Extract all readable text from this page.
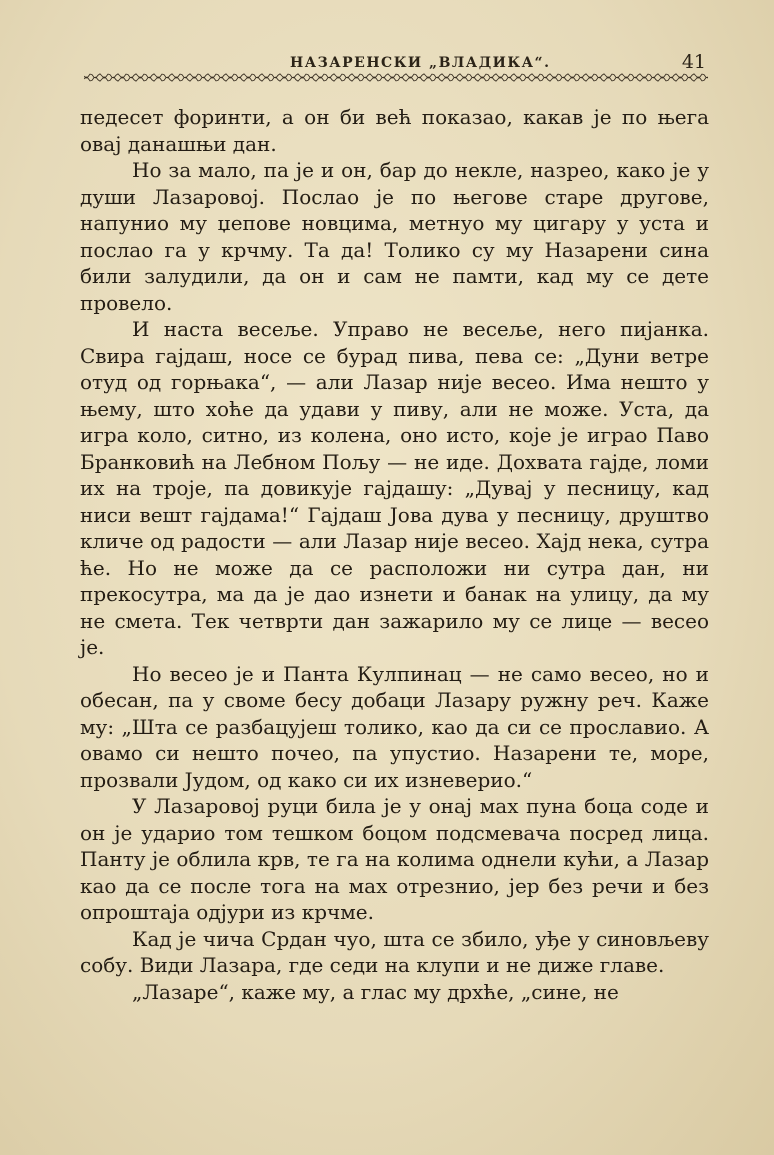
НАЗАРЕНСКИ „ВЛАДИКА“.	41

педесет форинти, а он би већ показао, какав је по њега овај данашњи дан.

Но за мало, па је и он, бар до некле, назрео, како је у души Лазаровој. Послао је по његове старе другове, напунио му џепове новцима, метнуо му цигару у уста и послао га у крчму. Та да! Толико су му Назарени сина били залудили, да он и сам не памти, кад му се дете провело.

И наста весеље. Управо не весеље, него пијанка. Свира гајдаш, носе се бурад пива, пева се: „Дуни ветре отуд од горњака“, — али Лазар није весео. Има нешто у њему, што хоће да удави у пиву, али не може. Уста, да игра коло, ситно, из колена, оно исто, које је играо Паво Бранковић на Лебном Пољу — не иде. Дохвата гајде, ломи их на троје, па довикује гајдашу: „Дувај у песницу, кад ниси вешт гајдама!“ Гајдаш Јова дува у песницу, друштво кличе од радости — али Лазар није весео. Хајд нека, сутра ће. Но не може да се расположи ни сутра дан, ни прекосутра, ма да је дао изнети и банак на улицу, да му не смета. Тек четврти дан зажарило му се лице — весео је.

Но весео је и Панта Кулпинац — не само весео, но и обесан, па у своме бесу добаци Лазару ружну реч. Каже му: „Шта се разбацујеш толико, као да си се прославио. А овамо си нешто почео, па упустио. Назарени те, море, прозвали Јудом, од како си их изневерио.“

У Лазаровој руци била је у онај мах пуна боца соде и он је ударио том тешком боцом подсмевача посред лица. Панту је облила крв, те га на колима однели кући, а Лазар као да се после тога на мах отрезнио, јер без речи и без опроштаја одјури из крчме.

Кад је чича Срдан чуо, шта се збило, уђе у синовљеву собу. Види Лазара, где седи на клупи и не диже главе.

„Лазаре“, каже му, а глас му дрхће, „сине, не
